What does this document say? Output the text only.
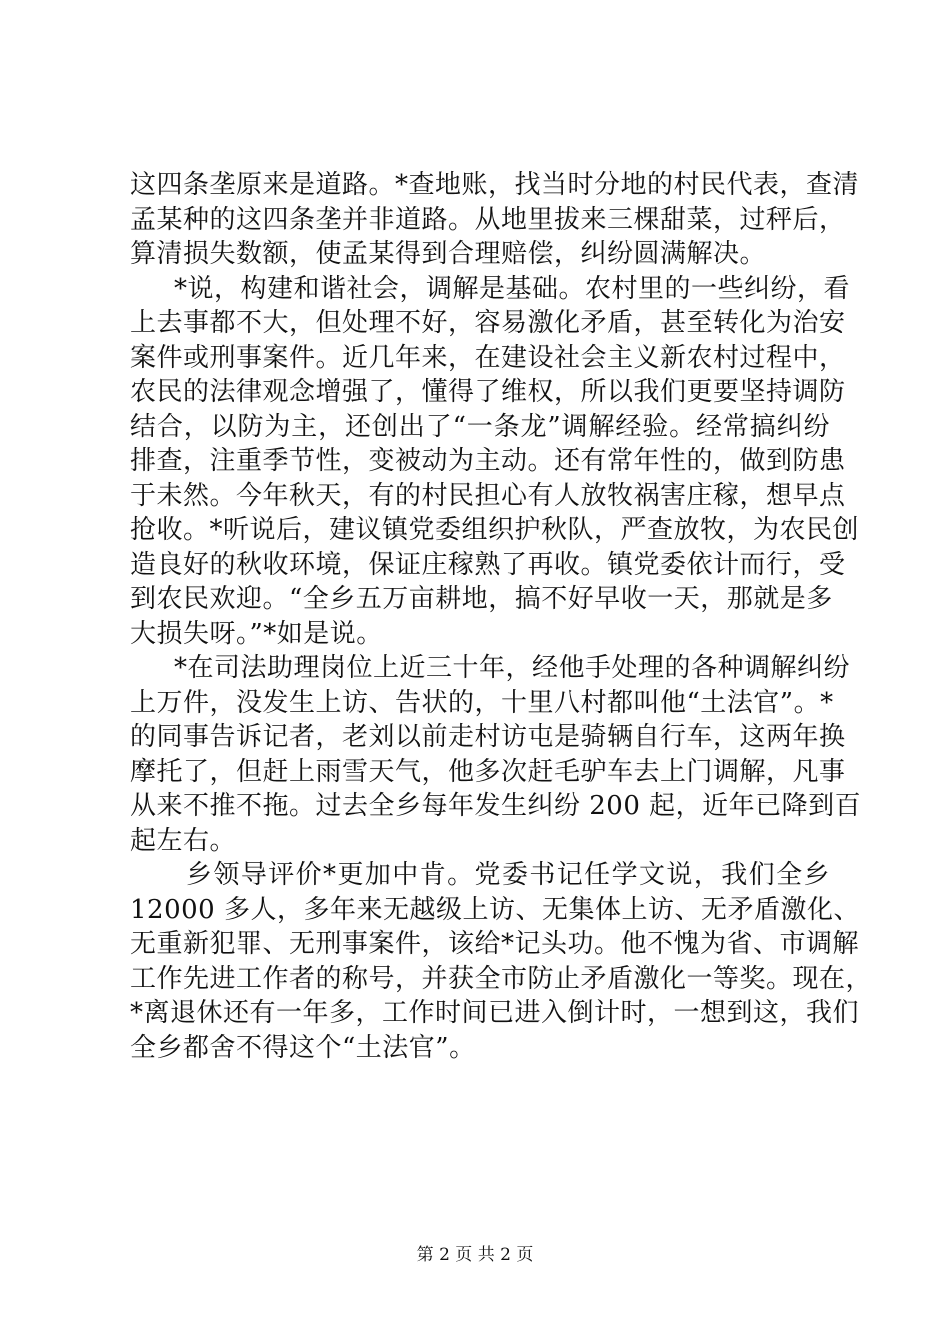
这四条垄原来是道路。*查地账，找当时分地的村民代表，查清
孟某种的这四条垄并非道路。从地里拔来三棵甜菜，过秤后，
算清损失数额，使孟某得到合理赔偿，纠纷圆满解决。
*说，构建和谐社会，调解是基础。农村里的一些纠纷，看
上去事都不大，但处理不好，容易激化矛盾，甚至转化为治安
案件或刑事案件。近几年来，在建设社会主义新农村过程中，
农民的法律观念增强了，懂得了维权，所以我们更要坚持调防
结合，以防为主，还创出了“一条龙”调解经验。经常搞纠纷
排查，注重季节性，变被动为主动。还有常年性的，做到防患
于未然。今年秋天，有的村民担心有人放牧祸害庄稼，想早点
抢收。*听说后，建议镇党委组织护秋队，严查放牧，为农民创
造良好的秋收环境，保证庄稼熟了再收。镇党委依计而行，受
到农民欢迎。“全乡五万亩耕地，搞不好早收一天，那就是多
大损失呀。”*如是说。
*在司法助理岗位上近三十年，经他手处理的各种调解纠纷
上万件，没发生上访、告状的，十里八村都叫他“土法官”。*
的同事告诉记者，老刘以前走村访屯是骑辆自行车，这两年换
摩托了，但赶上雨雪天气，他多次赶毛驴车去上门调解，凡事
从来不推不拖。过去全乡每年发生纠纷 200 起，近年已降到百
起左右。
乡领导评价*更加中肯。党委书记任学文说，我们全乡
12000 多人，多年来无越级上访、无集体上访、无矛盾激化、
无重新犯罪、无刑事案件，该给*记头功。他不愧为省、市调解
工作先进工作者的称号，并获全市防止矛盾激化一等奖。现在，
*离退休还有一年多，工作时间已进入倒计时，一想到这，我们
全乡都舍不得这个“土法官”。
第 2 页 共 2 页
